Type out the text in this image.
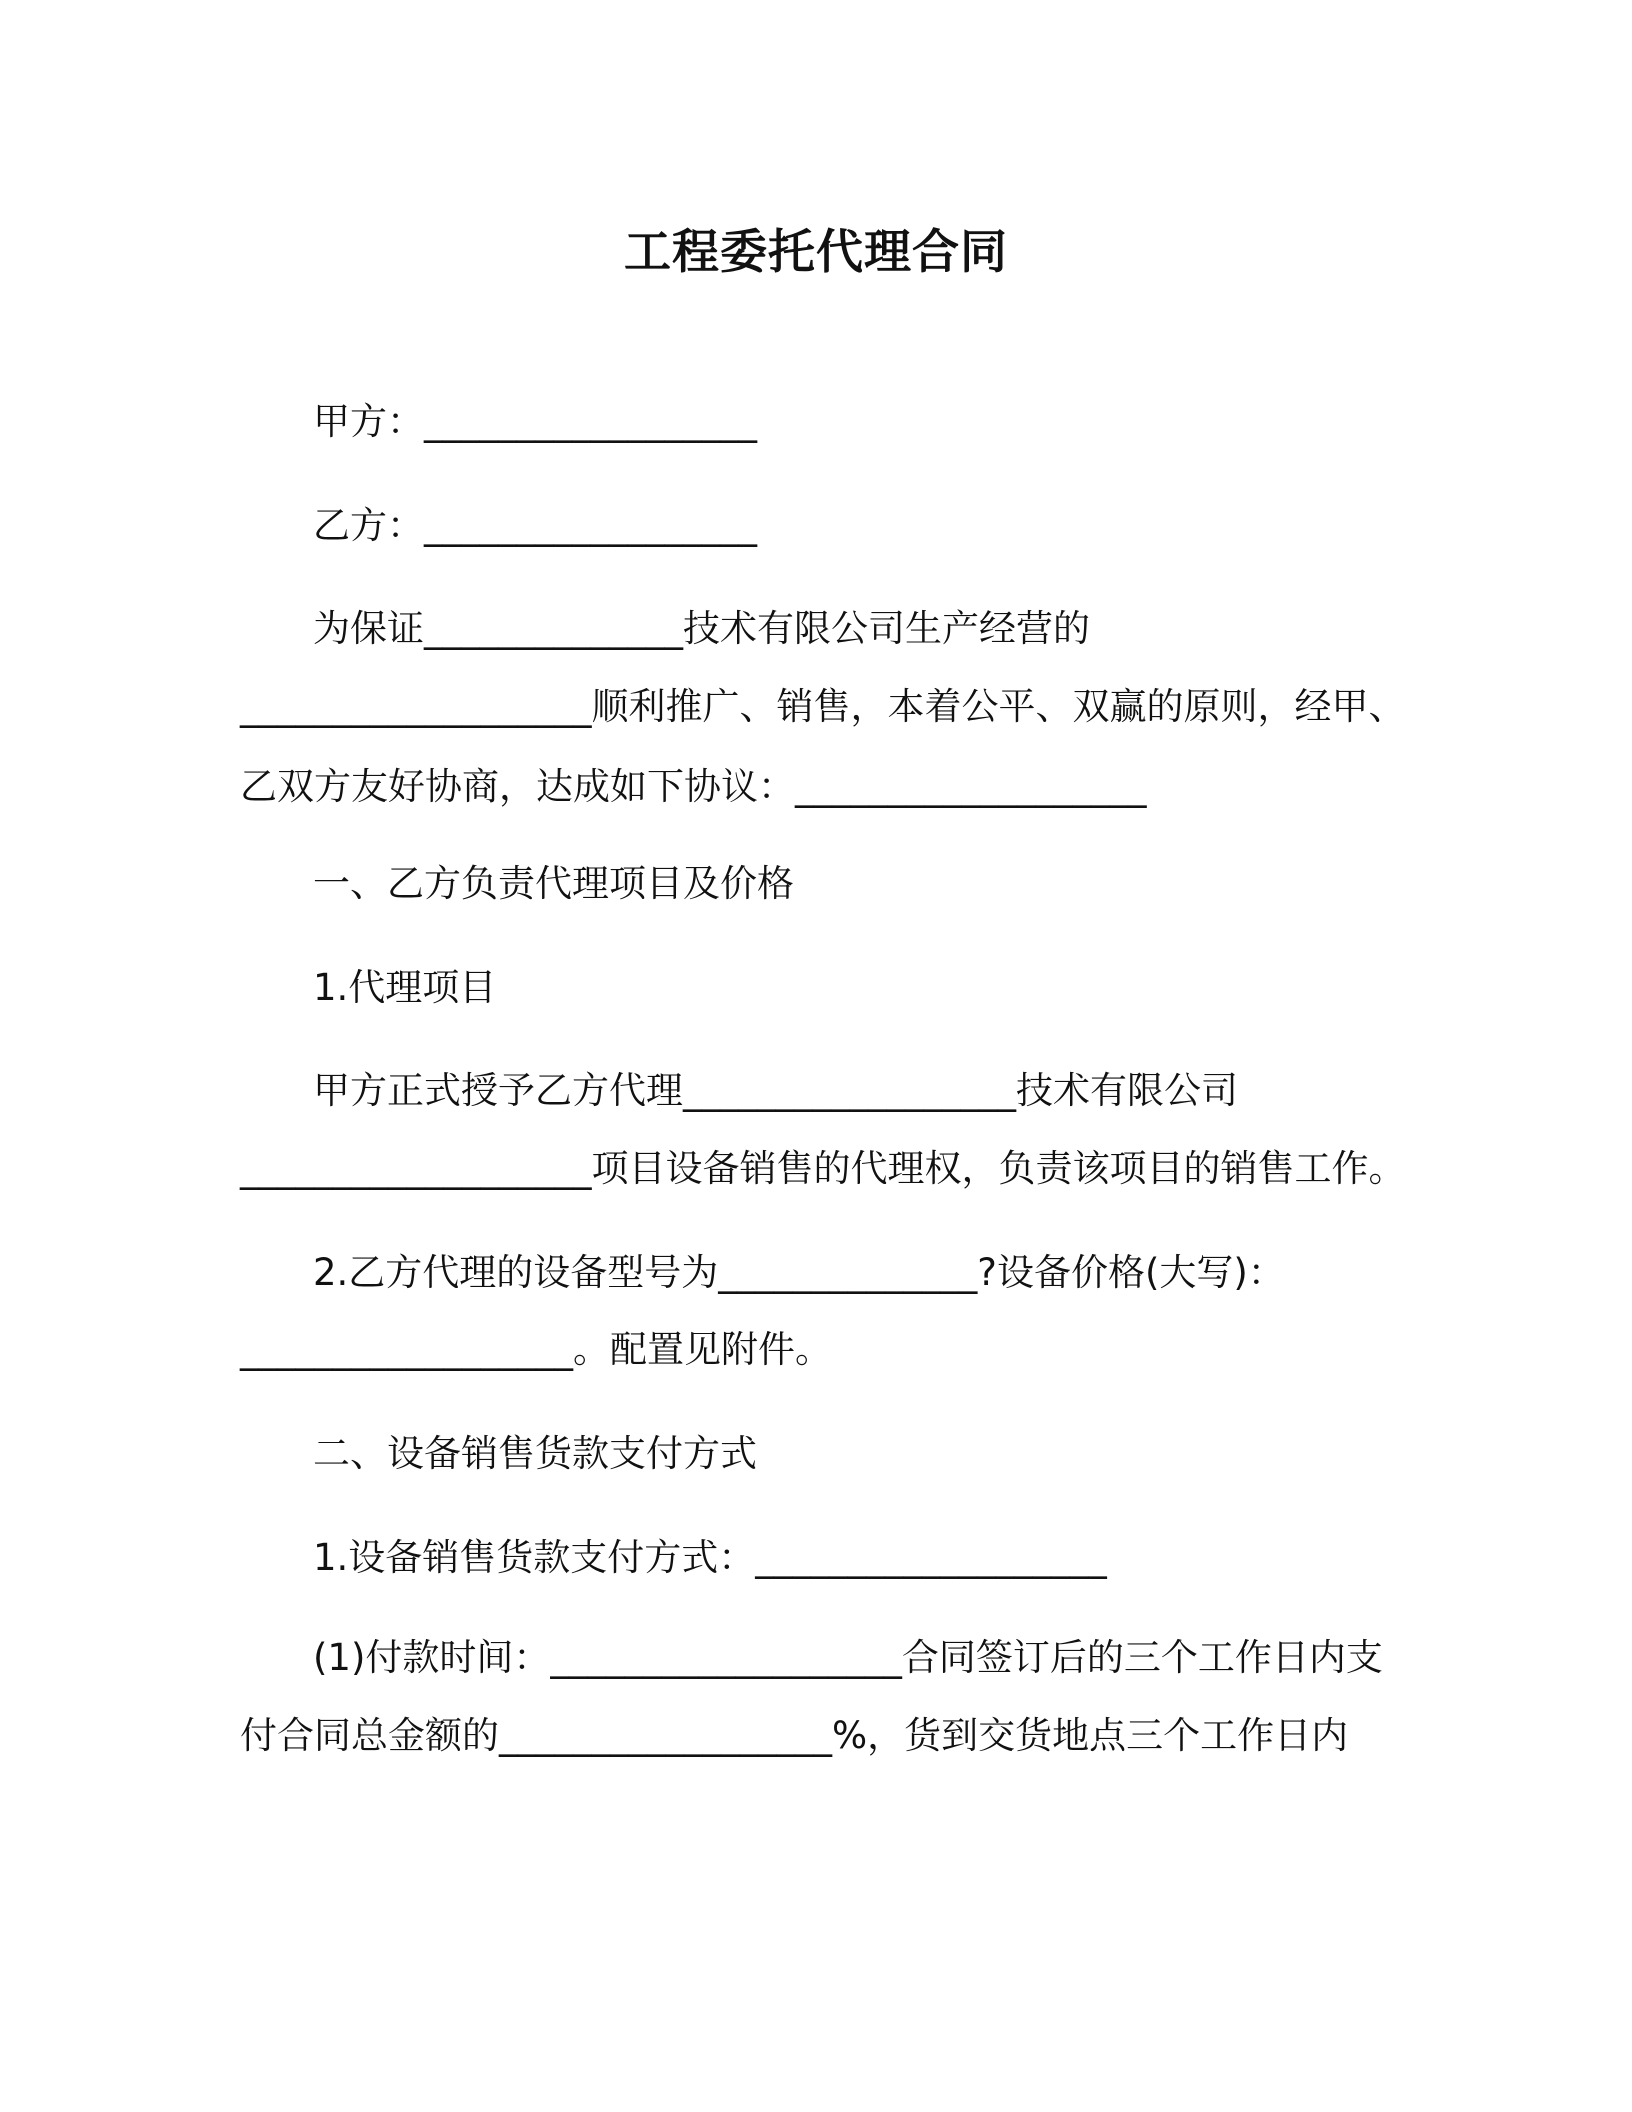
工程委托代理合同
甲方：__________________
乙方：__________________
为保证______________技术有限公司生产经营的
___________________顺利推广、销售，本着公平、双赢的原则，经甲、
乙双方友好协商，达成如下协议：___________________
一、乙方负责代理项目及价格
1.代理项目
甲方正式授予乙方代理__________________技术有限公司
___________________项目设备销售的代理权，负责该项目的销售工作。
2.乙方代理的设备型号为______________?设备价格(大写)：
__________________。配置见附件。
二、设备销售货款支付方式
1.设备销售货款支付方式：___________________
(1)付款时间：___________________合同签订后的三个工作日内支
付合同总金额的__________________%，货到交货地点三个工作日内
